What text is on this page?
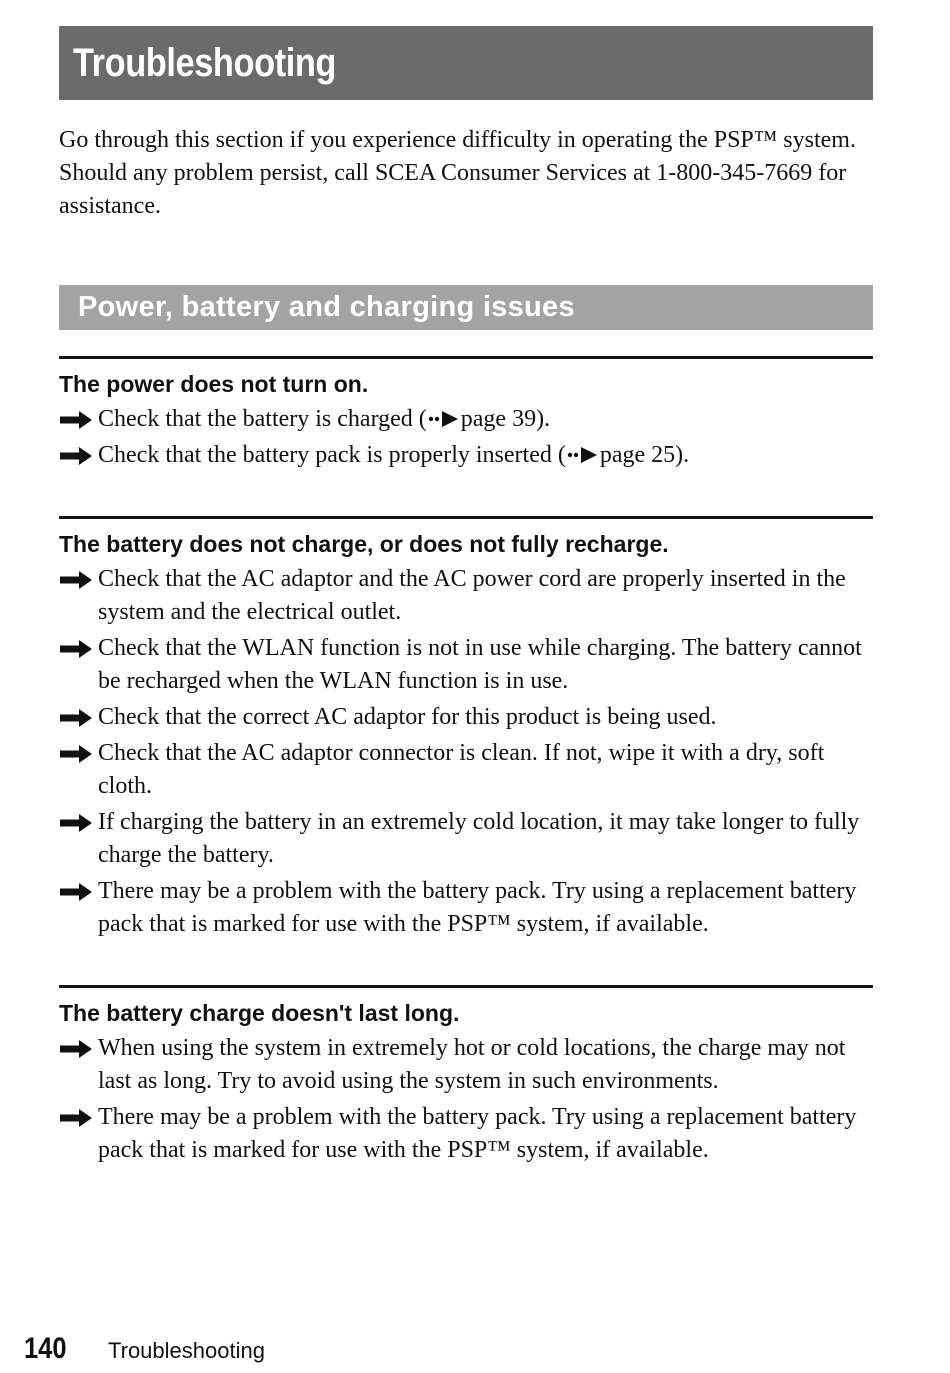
Troubleshooting

Go through this section if you experience difficulty in operating the PSP™ system. Should any problem persist, call SCEA Consumer Services at 1-800-345-7669 for assistance.

Power, battery and charging issues
The power does not turn on.
Check that the battery is charged ( page 39).
Check that the battery pack is properly inserted ( page 25).
The battery does not charge, or does not fully recharge.
Check that the AC adaptor and the AC power cord are properly inserted in the system and the electrical outlet.
Check that the WLAN function is not in use while charging. The battery cannot be recharged when the WLAN function is in use.
Check that the correct AC adaptor for this product is being used.
Check that the AC adaptor connector is clean. If not, wipe it with a dry, soft cloth.
If charging the battery in an extremely cold location, it may take longer to fully charge the battery.
There may be a problem with the battery pack. Try using a replacement battery pack that is marked for use with the PSP™ system, if available.
The battery charge doesn't last long.
When using the system in extremely hot or cold locations, the charge may not last as long. Try to avoid using the system in such environments.
There may be a problem with the battery pack. Try using a replacement battery pack that is marked for use with the PSP™ system, if available.
140	Troubleshooting
